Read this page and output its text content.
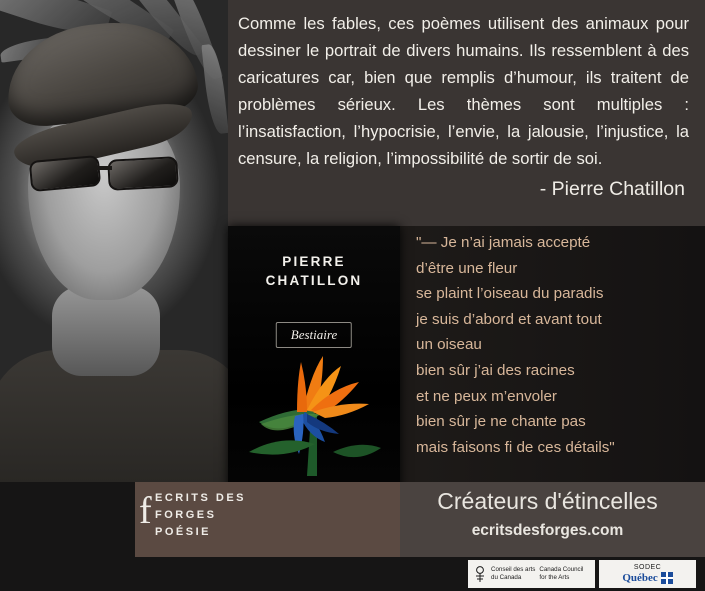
Comme les fables, ces poèmes utilisent des animaux pour dessiner le portrait de divers humains. Ils ressemblent à des caricatures car, bien que remplis d’humour, ils traitent de problèmes sérieux. Les thèmes sont multiples : l’insatisfaction, l’hypocrisie, l’envie, la jalousie, l’injustice, la censure, la religion, l’impossibilité de sortir de soi.

- Pierre Chatillon
PIERRE
CHATILLON
Bestiaire
"— Je n’ai jamais accepté
d’être une fleur
se plaint l’oiseau du paradis
je suis d’abord et avant tout
un oiseau
bien sûr j’ai des racines
et ne peux m’envoler
bien sûr je ne chante pas
mais faisons fi de ces détails"
f ECRITS DES
FORGES
POÉSIE
Créateurs d'étincelles
ecritsdesforges.com
Conseil des arts
du Canada
Canada Council
for the Arts
SODEC
Québec
